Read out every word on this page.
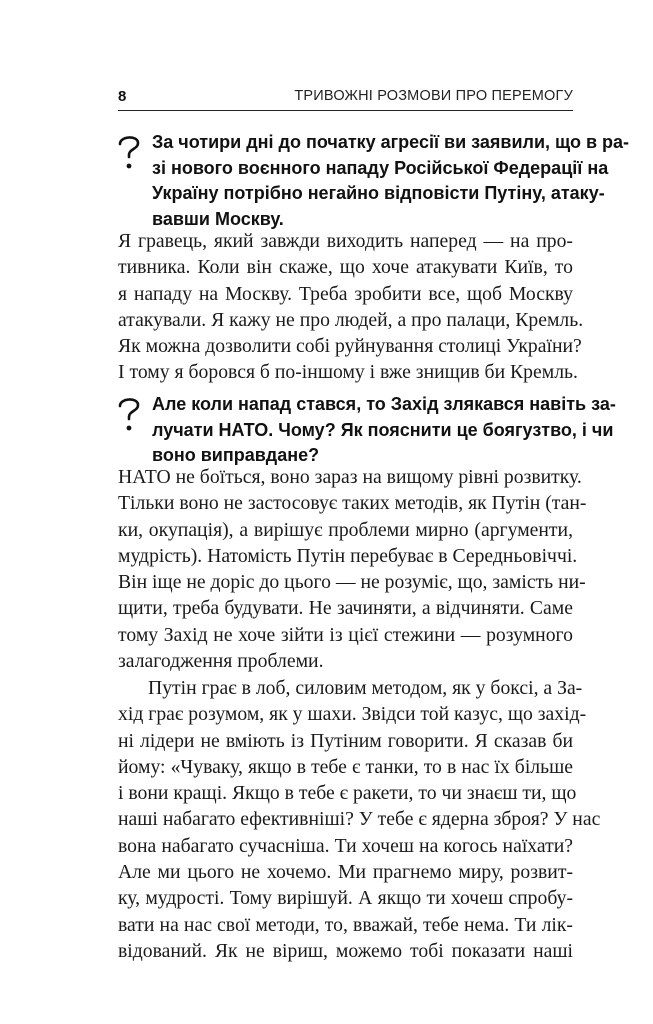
8	ТРИВОЖНІ РОЗМОВИ ПРО ПЕРЕМОГУ
За чотири дні до початку агресії ви заявили, що в ра-
зі нового воєнного нападу Російської Федерації на
Україну потрібно негайно відповісти Путіну, атаку-
вавши Москву.
Я гравець, який завжди виходить наперед — на про-
тивника. Коли він скаже, що хоче атакувати Київ, то
я нападу на Москву. Треба зробити все, щоб Москву
атакували. Я кажу не про людей, а про палаци, Кремль.
Як можна дозволити собі руйнування столиці України?
І тому я боровся б по-іншому і вже знищив би Кремль.
Але коли напад стався, то Захід злякався навіть за-
лучати НАТО. Чому? Як пояснити це боягузтво, і чи
воно виправдане?
НАТО не боїться, воно зараз на вищому рівні розвитку.
Тільки воно не застосовує таких методів, як Путін (тан-
ки, окупація), а вирішує проблеми мирно (аргументи,
мудрість). Натомість Путін перебуває в Середньовіччі.
Він іще не доріс до цього — не розуміє, що, замість ни-
щити, треба будувати. Не зачиняти, а відчиняти. Саме
тому Захід не хоче зійти із цієї стежини — розумного
залагодження проблеми.
Путін грає в лоб, силовим методом, як у боксі, а За-
хід грає розумом, як у шахи. Звідси той казус, що захід-
ні лідери не вміють із Путіним говорити. Я сказав би
йому: «Чуваку, якщо в тебе є танки, то в нас їх більше
і вони кращі. Якщо в тебе є ракети, то чи знаєш ти, що
наші набагато ефективніші? У тебе є ядерна зброя? У нас
вона набагато сучасніша. Ти хочеш на когось наїхати?
Але ми цього не хочемо. Ми прагнемо миру, розвит-
ку, мудрості. Тому вирішуй. А якщо ти хочеш спробу-
вати на нас свої методи, то, вважай, тебе нема. Ти лік-
відований. Як не віриш, можемо тобі показати наші
